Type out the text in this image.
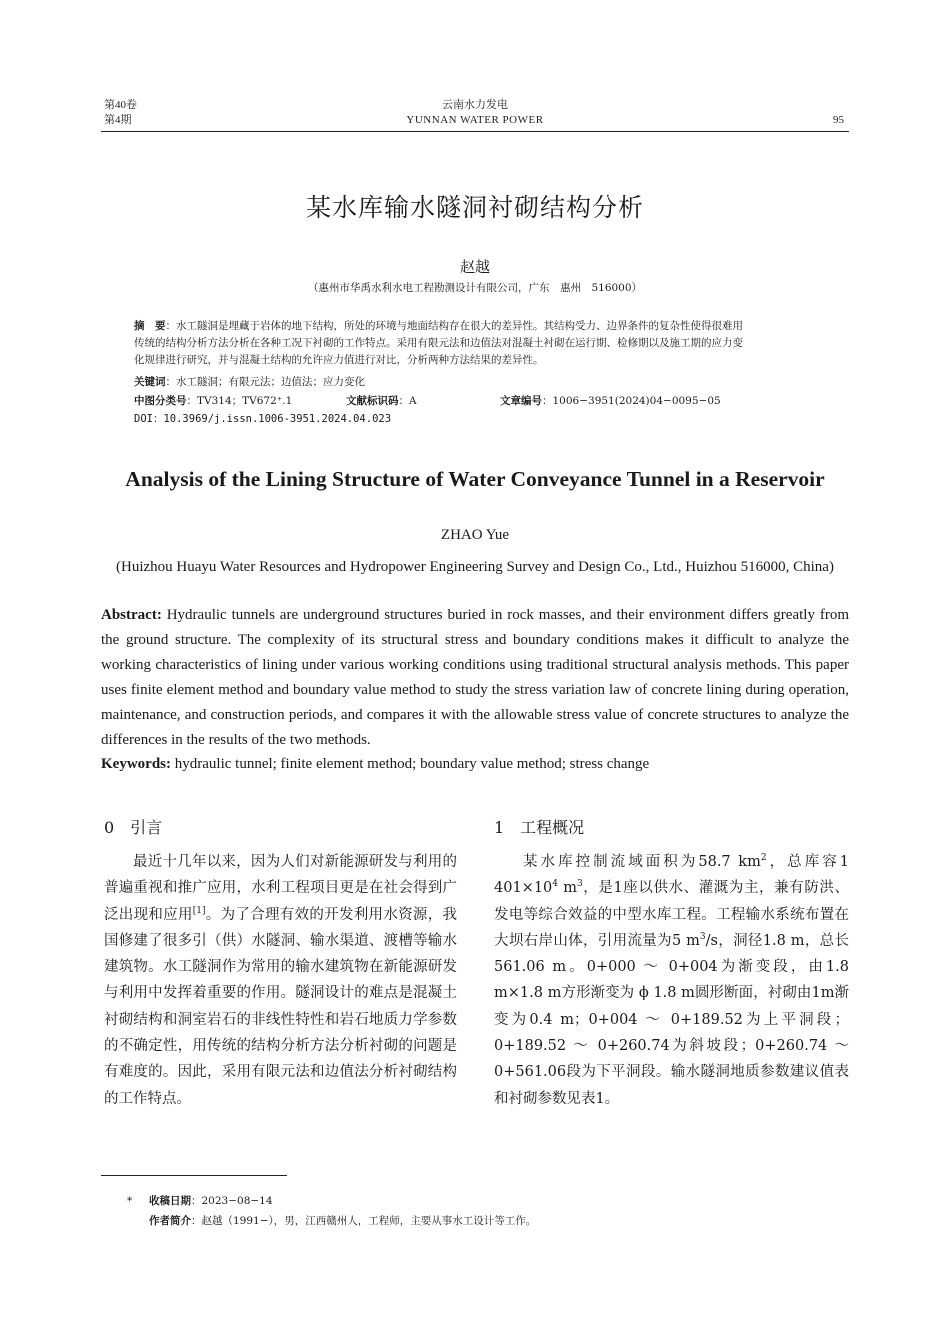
第40卷
第4期
云南水力发电
YUNNAN WATER POWER	95
某水库输水隧洞衬砌结构分析
赵越
（惠州市华禹水利水电工程勘测设计有限公司，广东　惠州　516000）
摘　要：水工隧洞是埋藏于岩体的地下结构，所处的环境与地面结构存在很大的差异性。其结构受力、边界条件的复杂性使得很难用
传统的结构分析方法分析在各种工况下衬砌的工作特点。采用有限元法和边值法对混凝土衬砌在运行期、检修期以及施工期的应力变
化规律进行研究，并与混凝土结构的允许应力值进行对比，分析两种方法结果的差异性。
关键词：水工隧洞；有限元法；边值法；应力变化
中图分类号：TV314；TV672⁺.1	文献标识码：A	文章编号：1006−3951(2024)04−0095−05
DOI：10.3969/j.issn.1006-3951.2024.04.023
Analysis of the Lining Structure of Water Conveyance Tunnel in a Reservoir
ZHAO Yue
(Huizhou Huayu Water Resources and Hydropower Engineering Survey and Design Co., Ltd., Huizhou 516000, China)
Abstract: Hydraulic tunnels are underground structures buried in rock masses, and their environment differs greatly from the ground structure. The complexity of its structural stress and boundary conditions makes it difficult to analyze the working characteristics of lining under various working conditions using traditional structural analysis methods. This paper uses finite element method and boundary value method to study the stress variation law of concrete lining during operation, maintenance, and construction periods, and compares it with the allowable stress value of concrete structures to analyze the differences in the results of the two methods.
Keywords: hydraulic tunnel; finite element method; boundary value method; stress change
0　引言

最近十几年以来，因为人们对新能源研发与利用的普遍重视和推广应用，水利工程项目更是在社会得到广泛出现和应用[1]。为了合理有效的开发利用水资源，我国修建了很多引（供）水隧洞、输水渠道、渡槽等输水建筑物。水工隧洞作为常用的输水建筑物在新能源研发与利用中发挥着重要的作用。隧洞设计的难点是混凝土衬砌结构和洞室岩石的非线性特性和岩石地质力学参数的不确定性，用传统的结构分析方法分析衬砌的问题是有难度的。因此，采用有限元法和边值法分析衬砌结构的工作特点。

1　工程概况

某水库控制流域面积为58.7 $km^2$，总库容1 $401\times 10^4$ $m^3$，是1座以供水、灌溉为主，兼有防洪、发电等综合效益的中型水库工程。工程输水系统布置在大坝右岸山体，引用流量为5 $m^3/s$，洞径1.8 m，总长561.06 m。0+000 ～ 0+004为渐变段，由1.8 m×1.8 m方形渐变为 ϕ 1.8 m圆形断面，衬砌由1m渐变为0.4 m；0+004 ～ 0+189.52为上平洞段；0+189.52 ～ 0+260.74为斜坡段；0+260.74 ～ 0+561.06段为下平洞段。输水隧洞地质参数建议值表和衬砌参数见表1。

* 收稿日期：2023−08−14
作者简介：赵越（1991−），男，江西赣州人，工程师，主要从事水工设计等工作。
